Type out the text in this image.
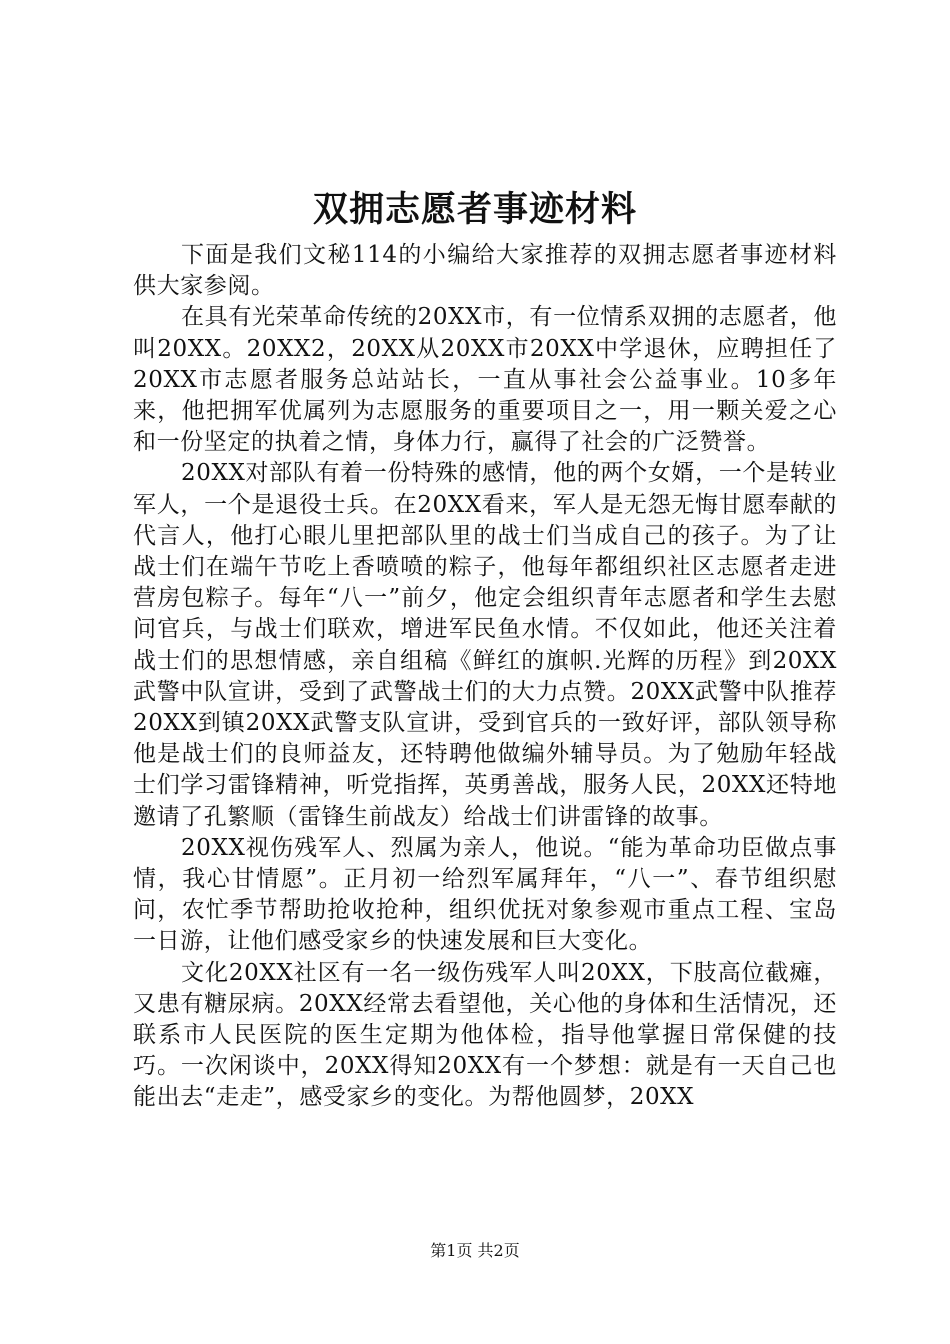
双拥志愿者事迹材料

下面是我们文秘114的小编给大家推荐的双拥志愿者事迹材料供大家参阅。

在具有光荣革命传统的20XX市，有一位情系双拥的志愿者，他叫20XX。20XX2，20XX从20XX市20XX中学退休，应聘担任了20XX市志愿者服务总站站长，一直从事社会公益事业。10多年来，他把拥军优属列为志愿服务的重要项目之一，用一颗关爱之心和一份坚定的执着之情，身体力行，赢得了社会的广泛赞誉。

20XX对部队有着一份特殊的感情，他的两个女婿，一个是转业军人，一个是退役士兵。在20XX看来，军人是无怨无悔甘愿奉献的代言人，他打心眼儿里把部队里的战士们当成自己的孩子。为了让战士们在端午节吃上香喷喷的粽子，他每年都组织社区志愿者走进营房包粽子。每年“八一”前夕，他定会组织青年志愿者和学生去慰问官兵，与战士们联欢，增进军民鱼水情。不仅如此，他还关注着战士们的思想情感，亲自组稿《鲜红的旗帜.光辉的历程》到20XX武警中队宣讲，受到了武警战士们的大力点赞。20XX武警中队推荐20XX到镇20XX武警支队宣讲，受到官兵的一致好评，部队领导称他是战士们的良师益友，还特聘他做编外辅导员。为了勉励年轻战士们学习雷锋精神，听党指挥，英勇善战，服务人民，20XX还特地邀请了孔繁顺（雷锋生前战友）给战士们讲雷锋的故事。

20XX视伤残军人、烈属为亲人，他说。“能为革命功臣做点事情，我心甘情愿”。正月初一给烈军属拜年，“八一”、春节组织慰问，农忙季节帮助抢收抢种，组织优抚对象参观市重点工程、宝岛一日游，让他们感受家乡的快速发展和巨大变化。

文化20XX社区有一名一级伤残军人叫20XX，下肢高位截瘫，又患有糖尿病。20XX经常去看望他，关心他的身体和生活情况，还联系市人民医院的医生定期为他体检，指导他掌握日常保健的技巧。一次闲谈中，20XX得知20XX有一个梦想：就是有一天自己也能出去“走走”，感受家乡的变化。为帮他圆梦，20XX

第1页 共2页
